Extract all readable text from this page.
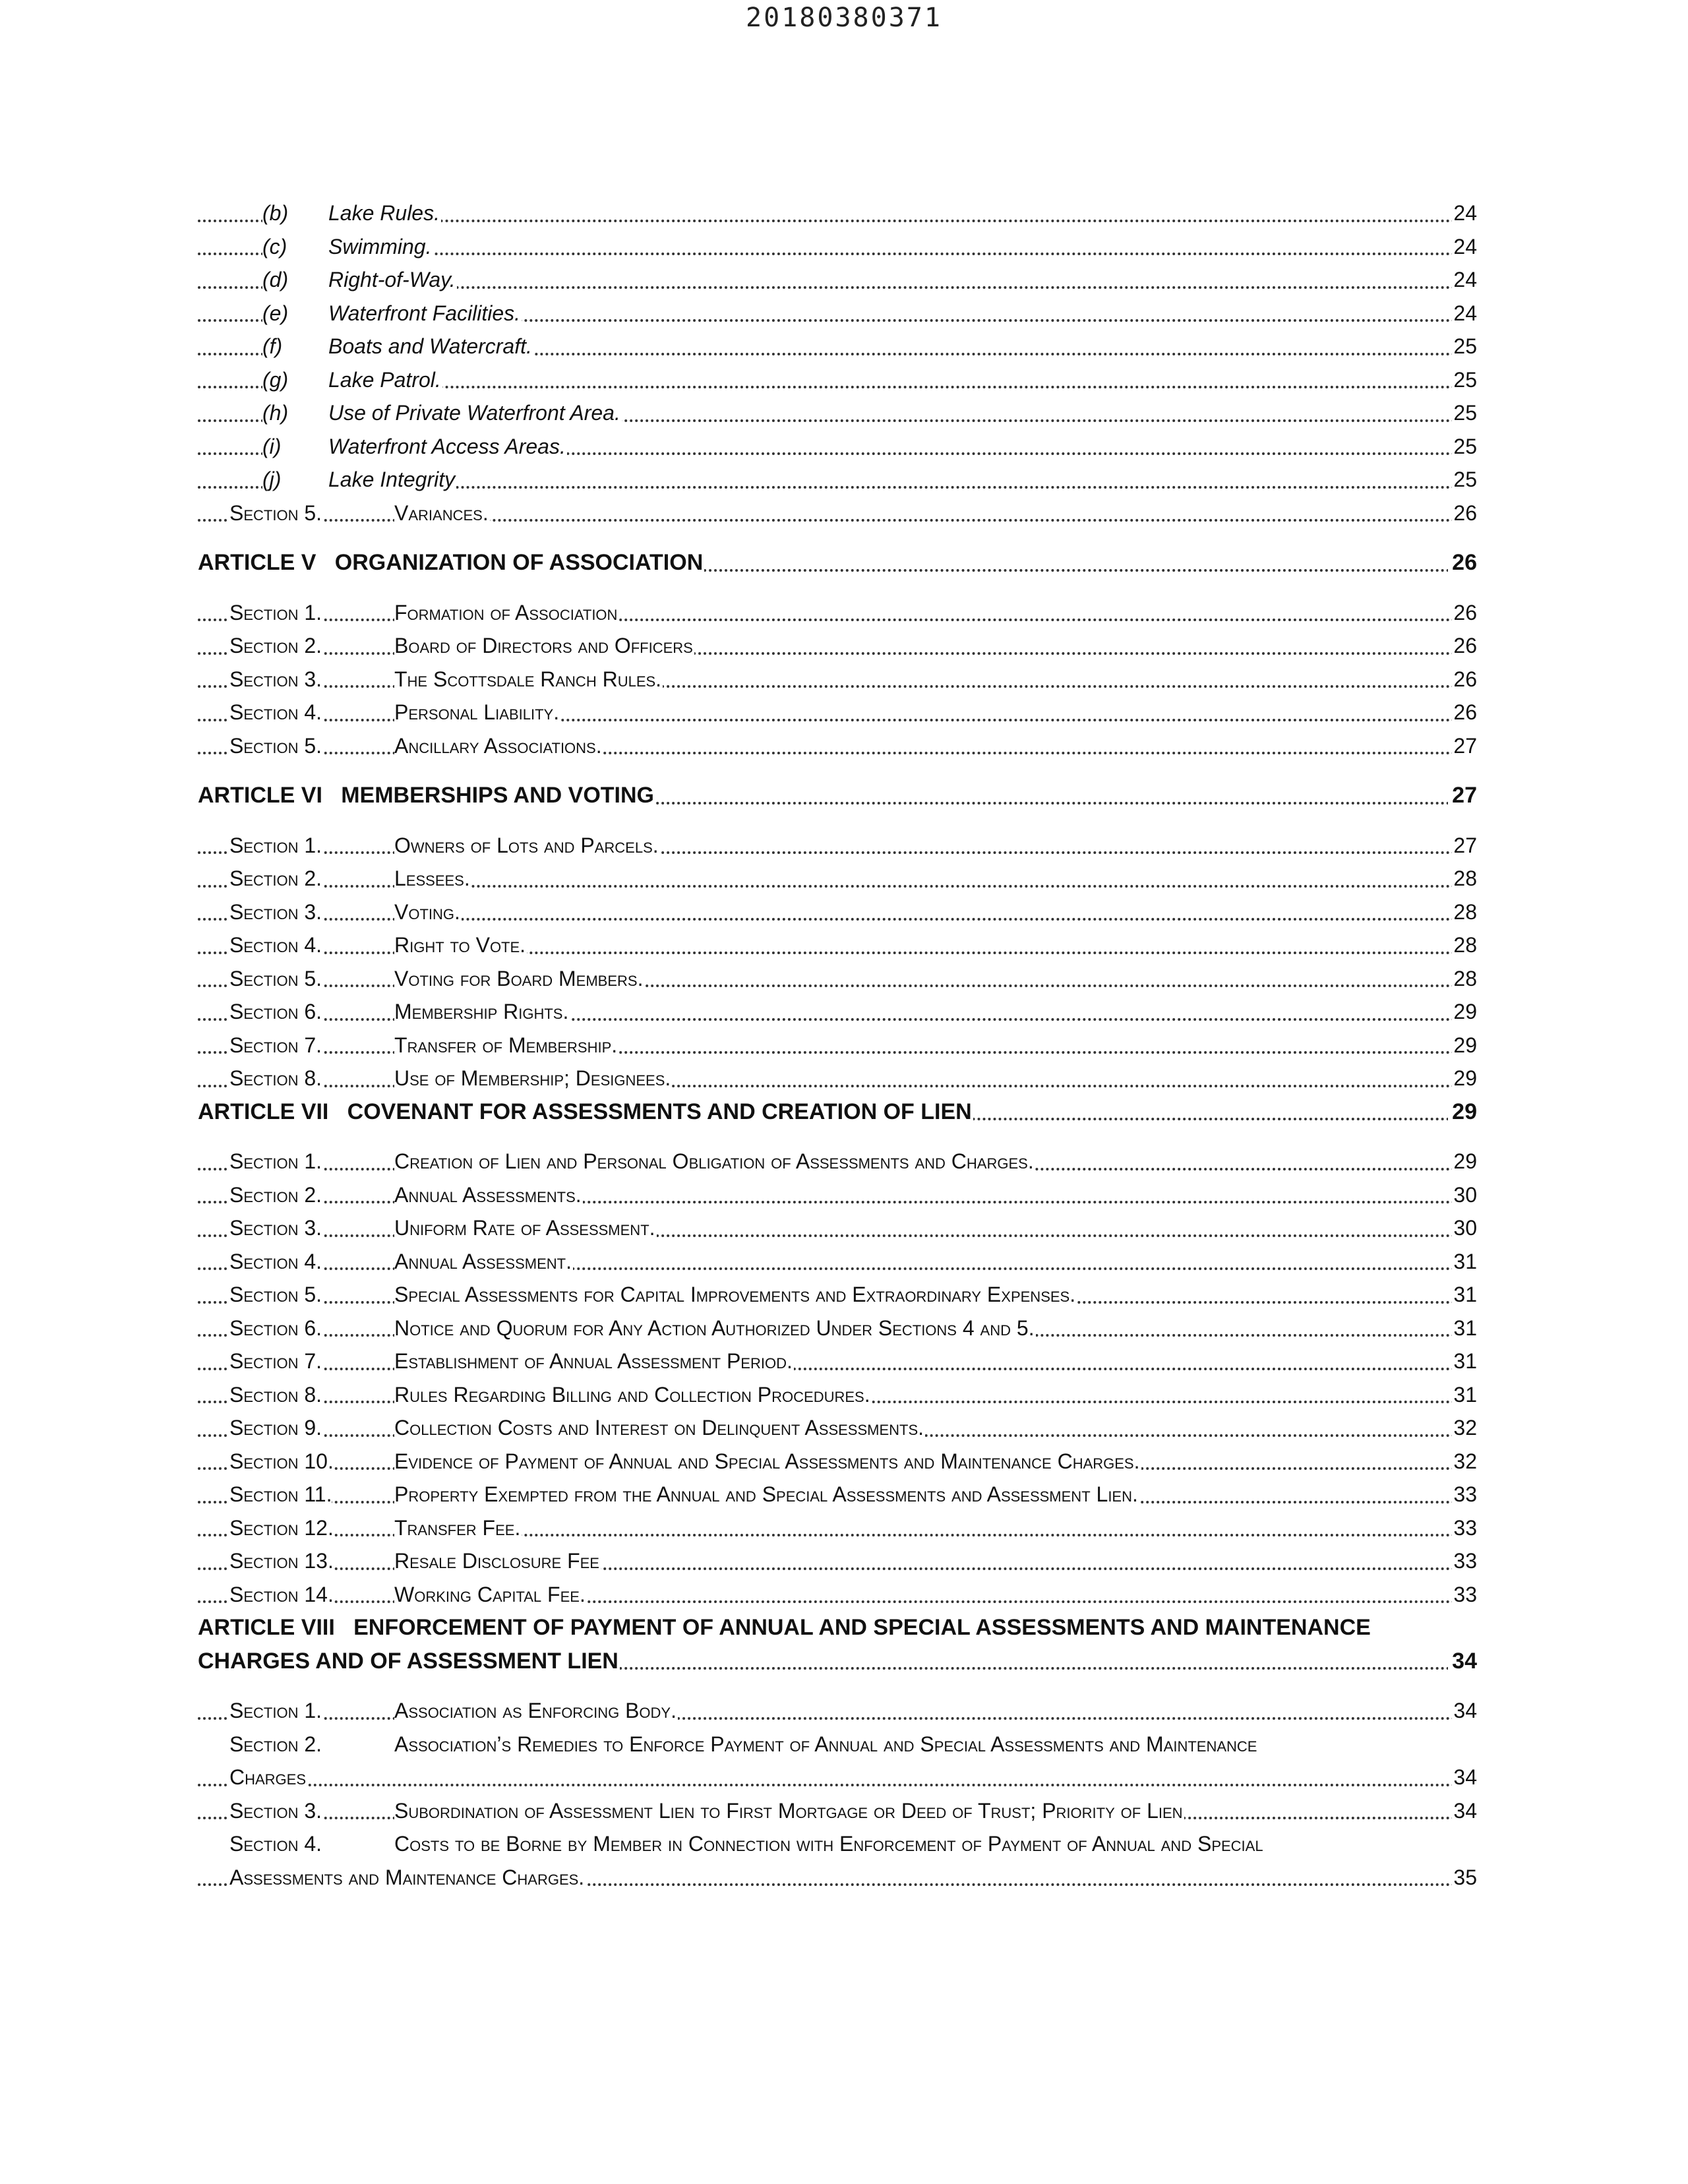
20180380371
(b)	Lake Rules.	24
(c)	Swimming.	24
(d)	Right-of-Way.	24
(e)	Waterfront Facilities.	24
(f)	Boats and Watercraft.	25
(g)	Lake Patrol.	25
(h)	Use of Private Waterfront Area.	25
(i)	Waterfront Access Areas.	25
(j)	Lake Integrity	25
Section 5.	Variances.	26
ARTICLE V   ORGANIZATION OF ASSOCIATION	26
Section 1.	Formation of Association	26
Section 2.	Board of Directors and Officers	26
Section 3.	The Scottsdale Ranch Rules.	26
Section 4.	Personal Liability.	26
Section 5.	Ancillary Associations.	27
ARTICLE VI   MEMBERSHIPS AND VOTING	27
Section 1.	Owners of Lots and Parcels.	27
Section 2.	Lessees.	28
Section 3.	Voting.	28
Section 4.	Right to Vote.	28
Section 5.	Voting for Board Members.	28
Section 6.	Membership Rights.	29
Section 7.	Transfer of Membership.	29
Section 8.	Use of Membership; Designees.	29
ARTICLE VII   COVENANT FOR ASSESSMENTS AND CREATION OF LIEN	29
Section 1.	Creation of Lien and Personal Obligation of Assessments and Charges.	29
Section 2.	Annual Assessments.	30
Section 3.	Uniform Rate of Assessment.	30
Section 4.	Annual Assessment.	31
Section 5.	Special Assessments for Capital Improvements and Extraordinary Expenses.	31
Section 6.	Notice and Quorum for Any Action Authorized Under Sections 4 and 5.	31
Section 7.	Establishment of Annual Assessment Period.	31
Section 8.	Rules Regarding Billing and Collection Procedures.	31
Section 9.	Collection Costs and Interest on Delinquent Assessments.	32
Section 10.	Evidence of Payment of Annual and Special Assessments and Maintenance Charges.	32
Section 11.	Property Exempted from the Annual and Special Assessments and Assessment Lien.	33
Section 12.	Transfer Fee.	33
Section 13.	Resale Disclosure Fee	33
Section 14.	Working Capital Fee.	33
ARTICLE VIII   ENFORCEMENT OF PAYMENT OF ANNUAL AND SPECIAL ASSESSMENTS AND MAINTENANCE
CHARGES AND OF ASSESSMENT LIEN	34
Section 1.	Association as Enforcing Body.	34
Section 2.	Association’s Remedies to Enforce Payment of Annual and Special Assessments and Maintenance
Charges	34
Section 3.	Subordination of Assessment Lien to First Mortgage or Deed of Trust; Priority of Lien	34
Section 4.	Costs to be Borne by Member in Connection with Enforcement of Payment of Annual and Special
Assessments and Maintenance Charges.	35
